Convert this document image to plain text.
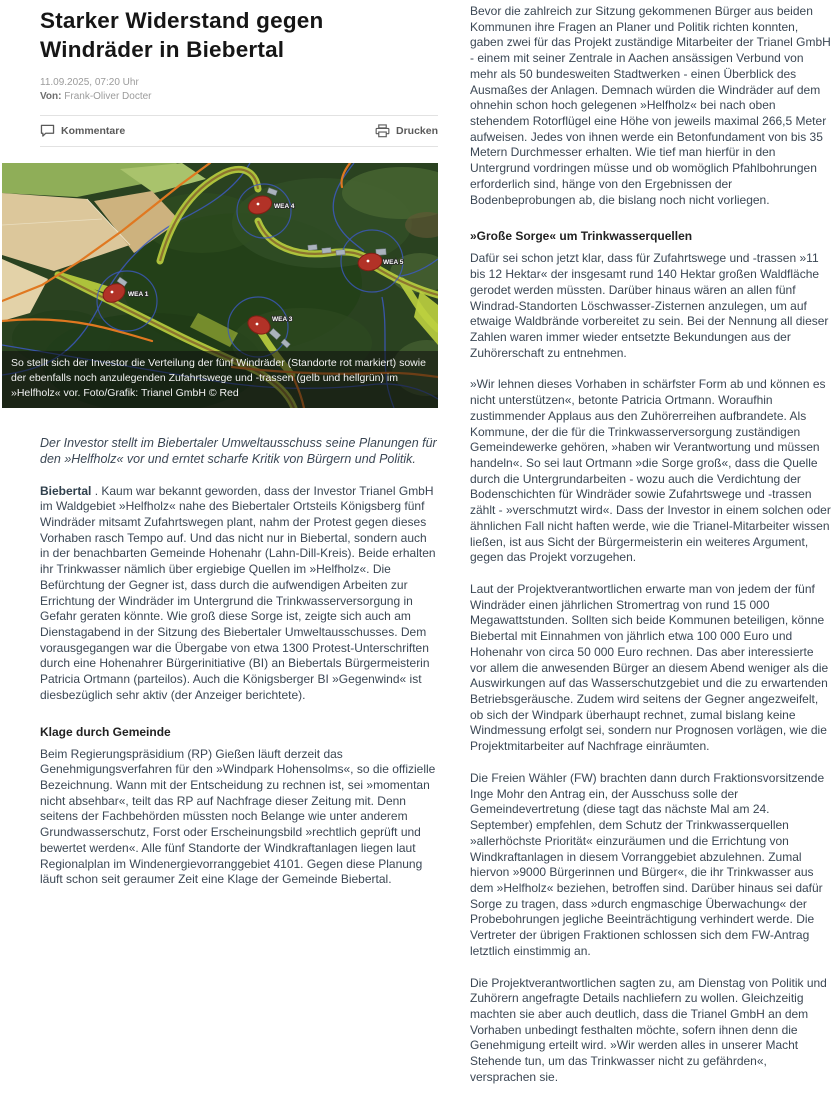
Starker Widerstand gegen Windräder in Biebertal
11.09.2025, 07:20 Uhr
Von: Frank-Oliver Docter
Kommentare	Drucken
WEA 4
WEA 5
WEA 1
WEA 3
So stellt sich der Investor die Verteilung der fünf Windräder (Standorte rot markiert) sowie der ebenfalls noch anzulegenden Zufahrtswege und -trassen (gelb und hellgrün) im »Helfholz« vor. Foto/Grafik: Trianel GmbH © Red
Der Investor stellt im Biebertaler Umweltausschuss seine Planungen für den »Helfholz« vor und erntet scharfe Kritik von Bürgern und Politik.

Biebertal . Kaum war bekannt geworden, dass der Investor Trianel GmbH im Waldgebiet »Helfholz« nahe des Biebertaler Ortsteils Königsberg fünf Windräder mitsamt Zufahrtswegen plant, nahm der Protest gegen dieses Vorhaben rasch Tempo auf. Und das nicht nur in Biebertal, sondern auch in der benachbarten Gemeinde Hohenahr (Lahn-Dill-Kreis). Beide erhalten ihr Trinkwasser nämlich über ergiebige Quellen im »Helfholz«. Die Befürchtung der Gegner ist, dass durch die aufwendigen Arbeiten zur Errichtung der Windräder im Untergrund die Trinkwasserversorgung in Gefahr geraten könnte. Wie groß diese Sorge ist, zeigte sich auch am Dienstagabend in der Sitzung des Biebertaler Umweltausschusses. Dem vorausgegangen war die Übergabe von etwa 1300 Protest-Unterschriften durch eine Hohenahrer Bürgerinitiative (BI) an Biebertals Bürgermeisterin Patricia Ortmann (parteilos). Auch die Königsberger BI »Gegenwind« ist diesbezüglich sehr aktiv (der Anzeiger berichtete).

Klage durch Gemeinde

Beim Regierungspräsidium (RP) Gießen läuft derzeit das Genehmigungsverfahren für den »Windpark Hohensolms«, so die offizielle Bezeichnung. Wann mit der Entscheidung zu rechnen ist, sei »momentan nicht absehbar«, teilt das RP auf Nachfrage dieser Zeitung mit. Denn seitens der Fachbehörden müssten noch Belange wie unter anderem Grundwasserschutz, Forst oder Erscheinungsbild »rechtlich geprüft und bewertet werden«. Alle fünf Standorte der Windkraftanlagen liegen laut Regionalplan im Windenergievorranggebiet 4101. Gegen diese Planung läuft schon seit geraumer Zeit eine Klage der Gemeinde Biebertal.

Bevor die zahlreich zur Sitzung gekommenen Bürger aus beiden Kommunen ihre Fragen an Planer und Politik richten konnten, gaben zwei für das Projekt zuständige Mitarbeiter der Trianel GmbH - einem mit seiner Zentrale in Aachen ansässigen Verbund von mehr als 50 bundesweiten Stadtwerken - einen Überblick des Ausmaßes der Anlagen. Demnach würden die Windräder auf dem ohnehin schon hoch gelegenen »Helfholz« bei nach oben stehendem Rotorflügel eine Höhe von jeweils maximal 266,5 Meter aufweisen. Jedes von ihnen werde ein Betonfundament von bis 35 Metern Durchmesser erhalten. Wie tief man hierfür in den Untergrund vordringen müsse und ob womöglich Pfahlbohrungen erforderlich sind, hänge von den Ergebnissen der Bodenbeprobungen ab, die bislang noch nicht vorliegen.

»Große Sorge« um Trinkwasserquellen

Dafür sei schon jetzt klar, dass für Zufahrtswege und -trassen »11 bis 12 Hektar« der insgesamt rund 140 Hektar großen Waldfläche gerodet werden müssten. Darüber hinaus wären an allen fünf Windrad-Standorten Löschwasser-Zisternen anzulegen, um auf etwaige Waldbrände vorbereitet zu sein. Bei der Nennung all dieser Zahlen waren immer wieder entsetzte Bekundungen aus der Zuhörerschaft zu entnehmen.

»Wir lehnen dieses Vorhaben in schärfster Form ab und können es nicht unterstützen«, betonte Patricia Ortmann. Woraufhin zustimmender Applaus aus den Zuhörerreihen aufbrandete. Als Kommune, der die für die Trinkwasserversorgung zuständigen Gemeindewerke gehören, »haben wir Verantwortung und müssen handeln«. So sei laut Ortmann »die Sorge groß«, dass die Quelle durch die Untergrundarbeiten - wozu auch die Verdichtung der Bodenschichten für Windräder sowie Zufahrtswege und -trassen zählt - »verschmutzt wird«. Dass der Investor in einem solchen oder ähnlichen Fall nicht haften werde, wie die Trianel-Mitarbeiter wissen ließen, ist aus Sicht der Bürgermeisterin ein weiteres Argument, gegen das Projekt vorzugehen.

Laut der Projektverantwortlichen erwarte man von jedem der fünf Windräder einen jährlichen Stromertrag von rund 15 000 Megawattstunden. Sollten sich beide Kommunen beteiligen, könne Biebertal mit Einnahmen von jährlich etwa 100 000 Euro und Hohenahr von circa 50 000 Euro rechnen. Das aber interessierte vor allem die anwesenden Bürger an diesem Abend weniger als die Auswirkungen auf das Wasserschutzgebiet und die zu erwartenden Betriebsgeräusche. Zudem wird seitens der Gegner angezweifelt, ob sich der Windpark überhaupt rechnet, zumal bislang keine Windmessung erfolgt sei, sondern nur Prognosen vorlägen, wie die Projektmitarbeiter auf Nachfrage einräumten.

Die Freien Wähler (FW) brachten dann durch Fraktionsvorsitzende Inge Mohr den Antrag ein, der Ausschuss solle der Gemeindevertretung (diese tagt das nächste Mal am 24. September) empfehlen, dem Schutz der Trinkwasserquellen »allerhöchste Priorität« einzuräumen und die Errichtung von Windkraftanlagen in diesem Vorranggebiet abzulehnen. Zumal hiervon »9000 Bürgerinnen und Bürger«, die ihr Trinkwasser aus dem »Helfholz« beziehen, betroffen sind. Darüber hinaus sei dafür Sorge zu tragen, dass »durch engmaschige Überwachung« der Probebohrungen jegliche Beeinträchtigung verhindert werde. Die Vertreter der übrigen Fraktionen schlossen sich dem FW-Antrag letztlich einstimmig an.

Die Projektverantwortlichen sagten zu, am Dienstag von Politik und Zuhörern angefragte Details nachliefern zu wollen. Gleichzeitig machten sie aber auch deutlich, dass die Trianel GmbH an dem Vorhaben unbedingt festhalten möchte, sofern ihnen denn die Genehmigung erteilt wird. »Wir werden alles in unserer Macht Stehende tun, um das Trinkwasser nicht zu gefährden«, versprachen sie.
